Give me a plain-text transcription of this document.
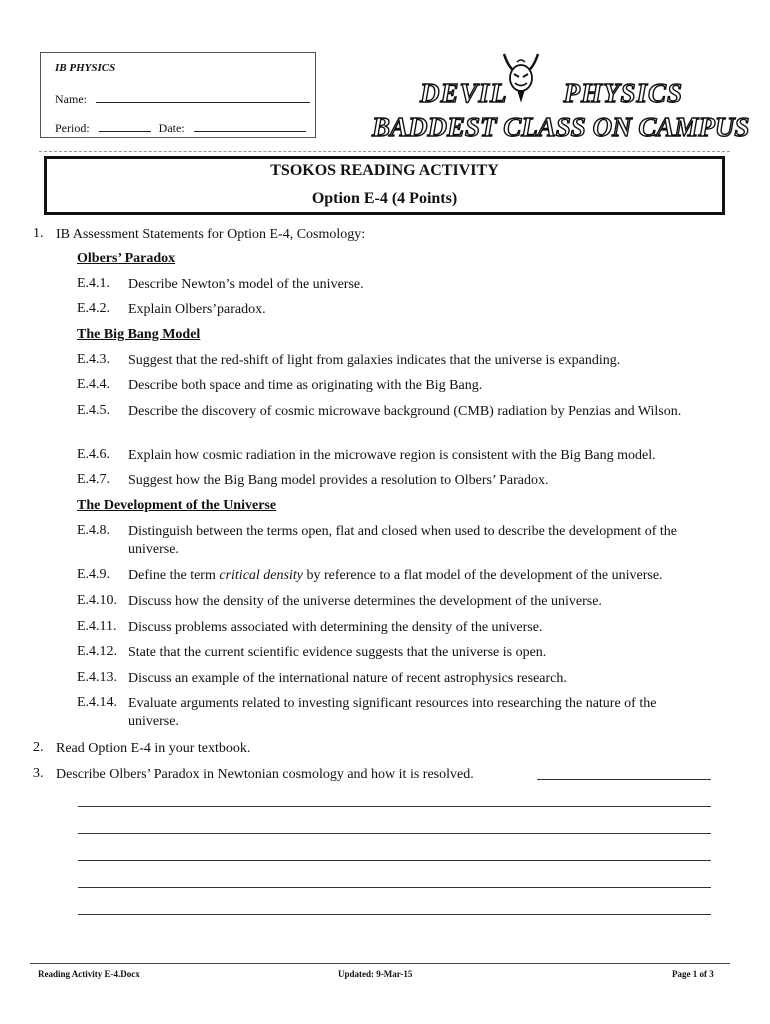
IB PHYSICS
Name:
Period:	Date:
DEVIL PHYSICS
BADDEST CLASS ON CAMPUS
TSOKOS READING ACTIVITY
Option E-4 (4 Points)
1. IB Assessment Statements for Option E-4, Cosmology:
Olbers’ Paradox
E.4.1. Describe Newton’s model of the universe.
E.4.2. Explain Olbers’paradox.
The Big Bang Model
E.4.3. Suggest that the red-shift of light from galaxies indicates that the universe is expanding.
E.4.4. Describe both space and time as originating with the Big Bang.
E.4.5. Describe the discovery of cosmic microwave background (CMB) radiation by Penzias and Wilson.
E.4.6. Explain how cosmic radiation in the microwave region is consistent with the Big Bang model.
E.4.7. Suggest how the Big Bang model provides a resolution to Olbers’ Paradox.
The Development of the Universe
E.4.8. Distinguish between the terms open, flat and closed when used to describe the development of the universe.
E.4.9. Define the term critical density by reference to a flat model of the development of the universe.
E.4.10. Discuss how the density of the universe determines the development of the universe.
E.4.11. Discuss problems associated with determining the density of the universe.
E.4.12. State that the current scientific evidence suggests that the universe is open.
E.4.13. Discuss an example of the international nature of recent astrophysics research.
E.4.14. Evaluate arguments related to investing significant resources into researching the nature of the universe.
2. Read Option E-4 in your textbook.
3. Describe Olbers’ Paradox in Newtonian cosmology and how it is resolved.
Reading Activity E-4.Docx	Updated: 9-Mar-15	Page 1 of 3
